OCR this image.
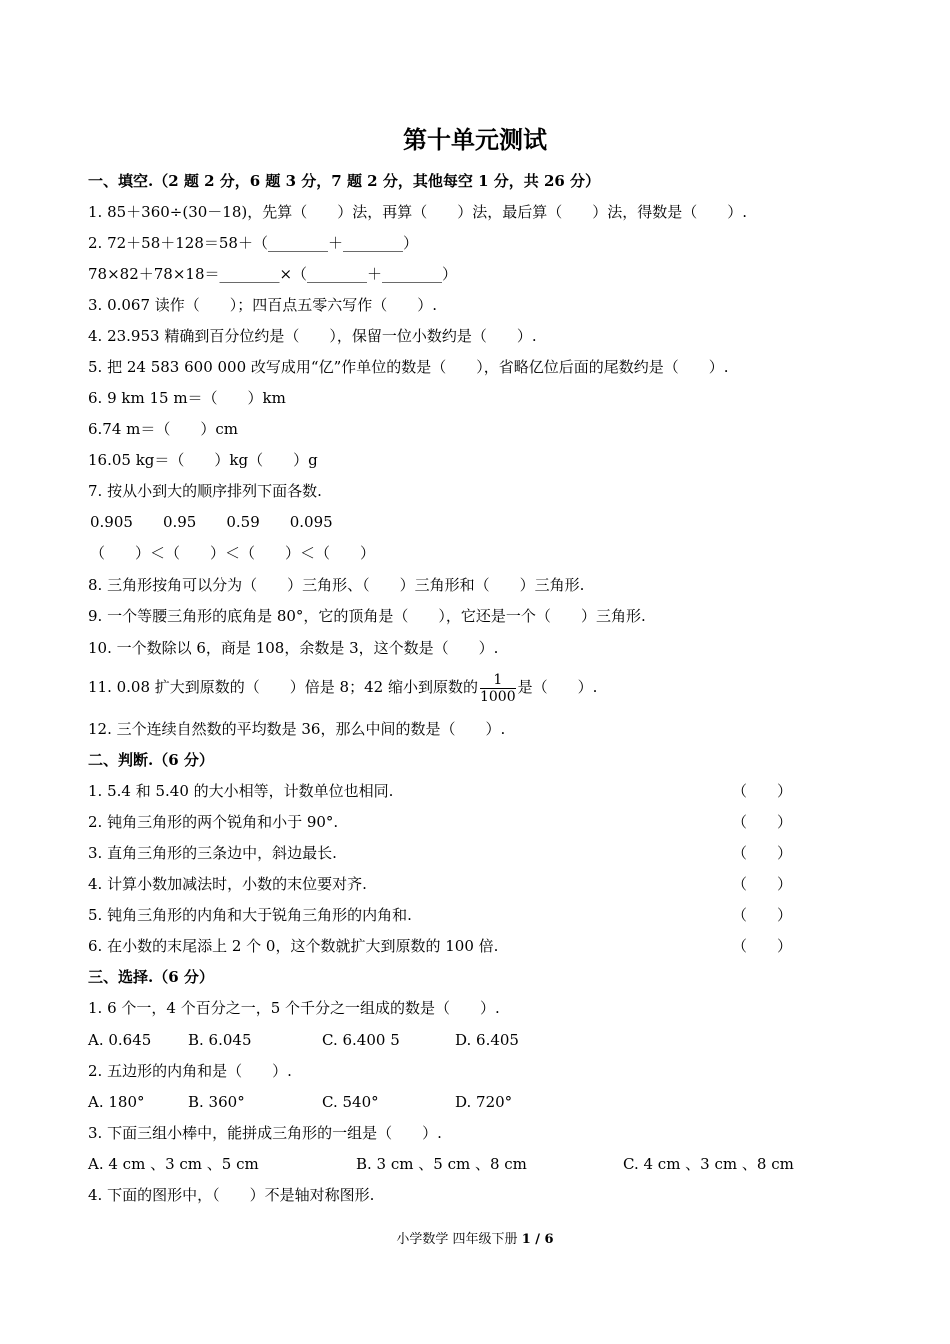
第十单元测试
一、填空.（2 题 2 分，6 题 3 分，7 题 2 分，其他每空 1 分，共 26 分）
1. 85＋360÷(30－18)，先算（　　）法，再算（　　）法，最后算（　　）法，得数是（　　）.
2. 72＋58＋128＝58＋（________＋________）
78×82＋78×18＝________×（________＋________）
3. 0.067 读作（　　）；四百点五零六写作（　　）.
4. 23.953 精确到百分位约是（　　），保留一位小数约是（　　）.
5. 把 24 583 600 000 改写成用“亿”作单位的数是（　　），省略亿位后面的尾数约是（　　）.
6. 9 km 15 m＝（　　）km
6.74 m＝（　　）cm
16.05 kg＝（　　）kg（　　）g
7. 按从小到大的顺序排列下面各数.
0.905　　0.95　　0.59　　0.095
（　　）＜（　　）＜（　　）＜（　　）
8. 三角形按角可以分为（　　）三角形、（　　）三角形和（　　）三角形.
9. 一个等腰三角形的底角是 80°，它的顶角是（　　），它还是一个（　　）三角形.
10. 一个数除以 6，商是 108，余数是 3，这个数是（　　）.
11. 0.08 扩大到原数的（　　）倍是 8；42 缩小到原数的 $\frac{1}{1000}$ 是（　　）.
12. 三个连续自然数的平均数是 36，那么中间的数是（　　）.
二、判断.（6 分）
1. 5.4 和 5.40 的大小相等，计数单位也相同.	（　　）
2. 钝角三角形的两个锐角和小于 90°.	（　　）
3. 直角三角形的三条边中，斜边最长.	（　　）
4. 计算小数加减法时，小数的末位要对齐.	（　　）
5. 钝角三角形的内角和大于锐角三角形的内角和.	（　　）
6. 在小数的末尾添上 2 个 0，这个数就扩大到原数的 100 倍.	（　　）
三、选择.（6 分）
1. 6 个一，4 个百分之一，5 个千分之一组成的数是（　　）.
A. 0.645 B. 6.045	C. 6.400 5	D. 6.405
2. 五边形的内角和是（　　）.
A. 180°	B. 360°	C. 540°	D. 720°
3. 下面三组小棒中，能拼成三角形的一组是（　　）.
A. 4 cm 、3 cm 、5 cm	B. 3 cm 、5 cm 、8 cm	C. 4 cm 、3 cm 、8 cm
4. 下面的图形中，（　　）不是轴对称图形.
小学数学 四年级下册 1 / 6
